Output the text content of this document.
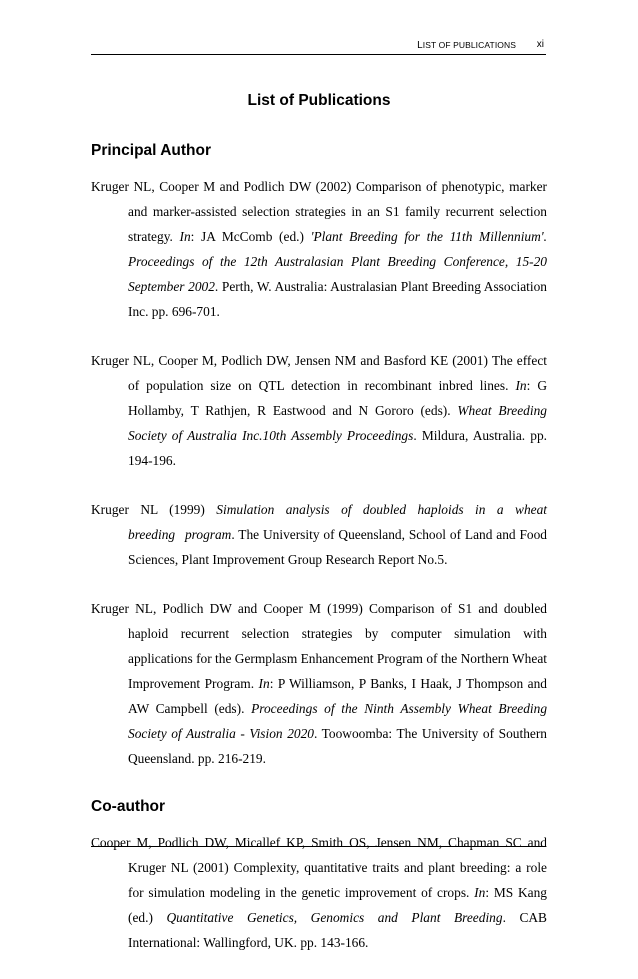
LIST OF PUBLICATIONS xi
List of Publications
Principal Author

Kruger NL, Cooper M and Podlich DW (2002) Comparison of phenotypic, marker and marker-assisted selection strategies in an S1 family recurrent selection strategy. In: JA McComb (ed.) 'Plant Breeding for the 11th Millennium'. Proceedings of the 12th Australasian Plant Breeding Conference, 15-20 September 2002. Perth, W. Australia: Australasian Plant Breeding Association Inc. pp. 696-701.

Kruger NL, Cooper M, Podlich DW, Jensen NM and Basford KE (2001) The effect of population size on QTL detection in recombinant inbred lines. In: G Hollamby, T Rathjen, R Eastwood and N Gororo (eds). Wheat Breeding Society of Australia Inc.10th Assembly Proceedings. Mildura, Australia. pp. 194-196.

Kruger NL (1999) Simulation analysis of doubled haploids in a wheat breeding program. The University of Queensland, School of Land and Food Sciences, Plant Improvement Group Research Report No.5.

Kruger NL, Podlich DW and Cooper M (1999) Comparison of S1 and doubled haploid recurrent selection strategies by computer simulation with applications for the Germplasm Enhancement Program of the Northern Wheat Improvement Program. In: P Williamson, P Banks, I Haak, J Thompson and AW Campbell (eds). Proceedings of the Ninth Assembly Wheat Breeding Society of Australia - Vision 2020. Toowoomba: The University of Southern Queensland. pp. 216-219.

Co-author

Cooper M, Podlich DW, Micallef KP, Smith OS, Jensen NM, Chapman SC and Kruger NL (2001) Complexity, quantitative traits and plant breeding: a role for simulation modeling in the genetic improvement of crops. In: MS Kang (ed.) Quantitative Genetics, Genomics and Plant Breeding. CAB International: Wallingford, UK. pp. 143-166.
